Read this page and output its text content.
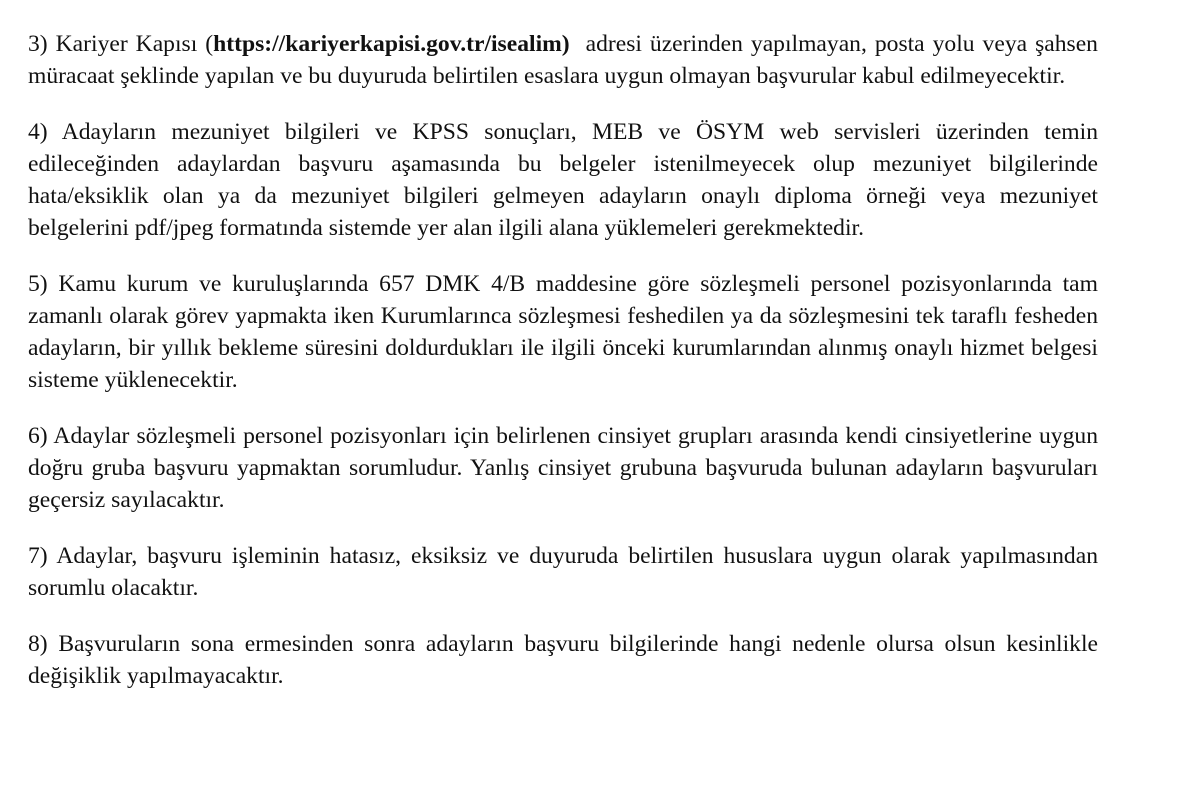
3) Kariyer Kapısı (https://kariyerkapisi.gov.tr/isealim)  adresi üzerinden yapılmayan, posta yolu veya şahsen müracaat şeklinde yapılan ve bu duyuruda belirtilen esaslara uygun olmayan başvurular kabul edilmeyecektir.

4) Adayların mezuniyet bilgileri ve KPSS sonuçları, MEB ve ÖSYM web servisleri üzerinden temin edileceğinden adaylardan başvuru aşamasında bu belgeler istenilmeyecek olup mezuniyet bilgilerinde hata/eksiklik olan ya da mezuniyet bilgileri gelmeyen adayların onaylı diploma örneği veya mezuniyet belgelerini pdf/jpeg formatında sistemde yer alan ilgili alana yüklemeleri gerekmektedir.

5) Kamu kurum ve kuruluşlarında 657 DMK 4/B maddesine göre sözleşmeli personel pozisyonlarında tam zamanlı olarak görev yapmakta iken Kurumlarınca sözleşmesi feshedilen ya da sözleşmesini tek taraflı fesheden adayların, bir yıllık bekleme süresini doldurdukları ile ilgili önceki kurumlarından alınmış onaylı hizmet belgesi sisteme yüklenecektir.

6) Adaylar sözleşmeli personel pozisyonları için belirlenen cinsiyet grupları arasında kendi cinsiyetlerine uygun doğru gruba başvuru yapmaktan sorumludur. Yanlış cinsiyet grubuna başvuruda bulunan adayların başvuruları geçersiz sayılacaktır.

7) Adaylar, başvuru işleminin hatasız, eksiksiz ve duyuruda belirtilen hususlara uygun olarak yapılmasından sorumlu olacaktır.

8) Başvuruların sona ermesinden sonra adayların başvuru bilgilerinde hangi nedenle olursa olsun kesinlikle değişiklik yapılmayacaktır.
